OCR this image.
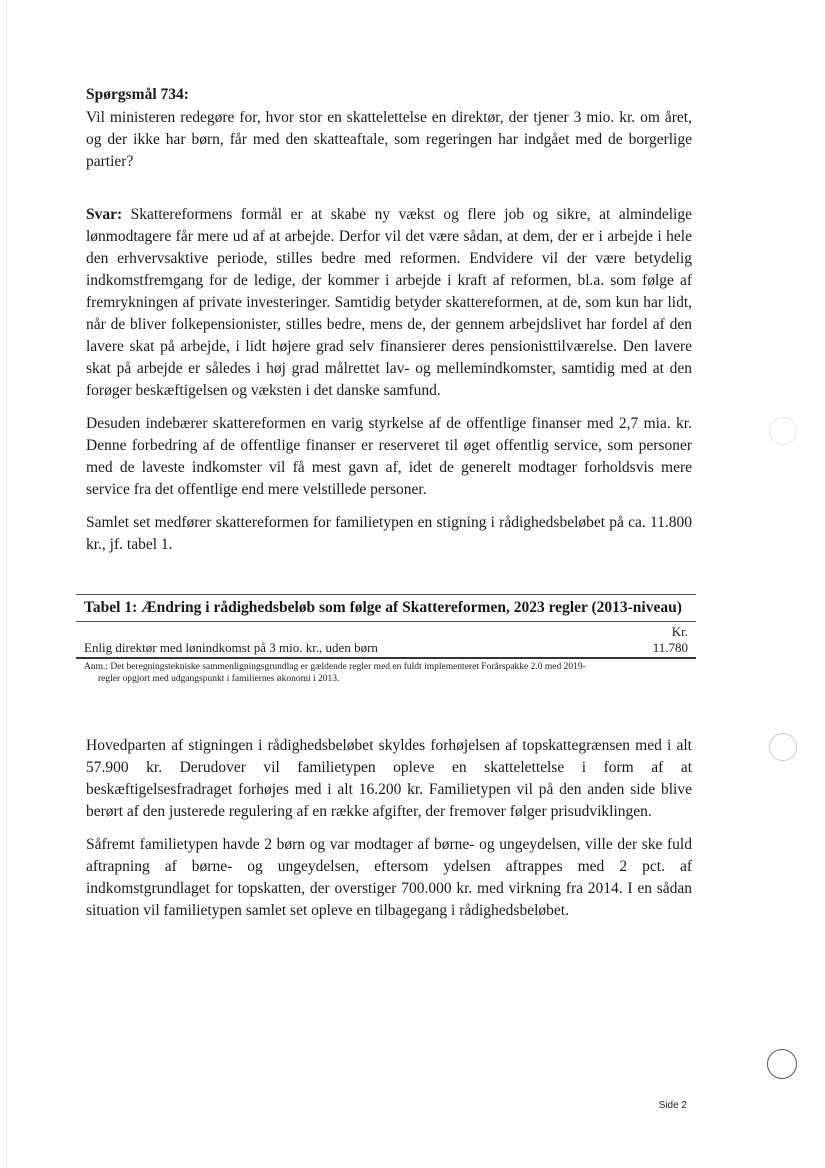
Spørgsmål 734:

Vil ministeren redegøre for, hvor stor en skattelettelse en direktør, der tjener 3 mio. kr. om året, og der ikke har børn, får med den skatteaftale, som regeringen har indgået med de borgerlige partier?

Svar: Skattereformens formål er at skabe ny vækst og flere job og sikre, at almindelige lønmodtagere får mere ud af at arbejde. Derfor vil det være sådan, at dem, der er i arbejde i hele den erhvervsaktive periode, stilles bedre med reformen. Endvidere vil der være betydelig indkomstfremgang for de ledige, der kommer i arbejde i kraft af reformen, bl.a. som følge af fremrykningen af private investeringer. Samtidig betyder skattereformen, at de, som kun har lidt, når de bliver folkepensionister, stilles bedre, mens de, der gennem arbejdslivet har fordel af den lavere skat på arbejde, i lidt højere grad selv finansierer deres pensionisttilværelse. Den lavere skat på arbejde er således i høj grad målrettet lav- og mellemindkomster, samtidig med at den forøger beskæftigelsen og væksten i det danske samfund.

Desuden indebærer skattereformen en varig styrkelse af de offentlige finanser med 2,7 mia. kr. Denne forbedring af de offentlige finanser er reserveret til øget offentlig service, som personer med de laveste indkomster vil få mest gavn af, idet de generelt modtager forholdsvis mere service fra det offentlige end mere velstillede personer.

Samlet set medfører skattereformen for familietypen en stigning i rådighedsbeløbet på ca. 11.800 kr., jf. tabel 1.

Tabel 1: Ændring i rådighedsbeløb som følge af Skattereformen, 2023 regler (2013-niveau)

Kr.
Enlig direktør med lønindkomst på 3 mio. kr., uden børn	11.780

Anm.: Det beregningstekniske sammenligningsgrundlag er gældende regler med en fuldt implementeret Forårspakke 2.0 med 2019-
regler opgjort med udgangspunkt i familiernes økonomi i 2013.

Hovedparten af stigningen i rådighedsbeløbet skyldes forhøjelsen af topskattegrænsen med i alt 57.900 kr. Derudover vil familietypen opleve en skattelettelse i form af at beskæftigelsesfradraget forhøjes med i alt 16.200 kr. Familietypen vil på den anden side blive berørt af den justerede regulering af en række afgifter, der fremover følger prisudviklingen.

Såfremt familietypen havde 2 børn og var modtager af børne- og ungeydelsen, ville der ske fuld aftrapning af børne- og ungeydelsen, eftersom ydelsen aftrappes med 2 pct. af indkomstgrundlaget for topskatten, der overstiger 700.000 kr. med virkning fra 2014. I en sådan situation vil familietypen samlet set opleve en tilbagegang i rådighedsbeløbet.

Side 2
